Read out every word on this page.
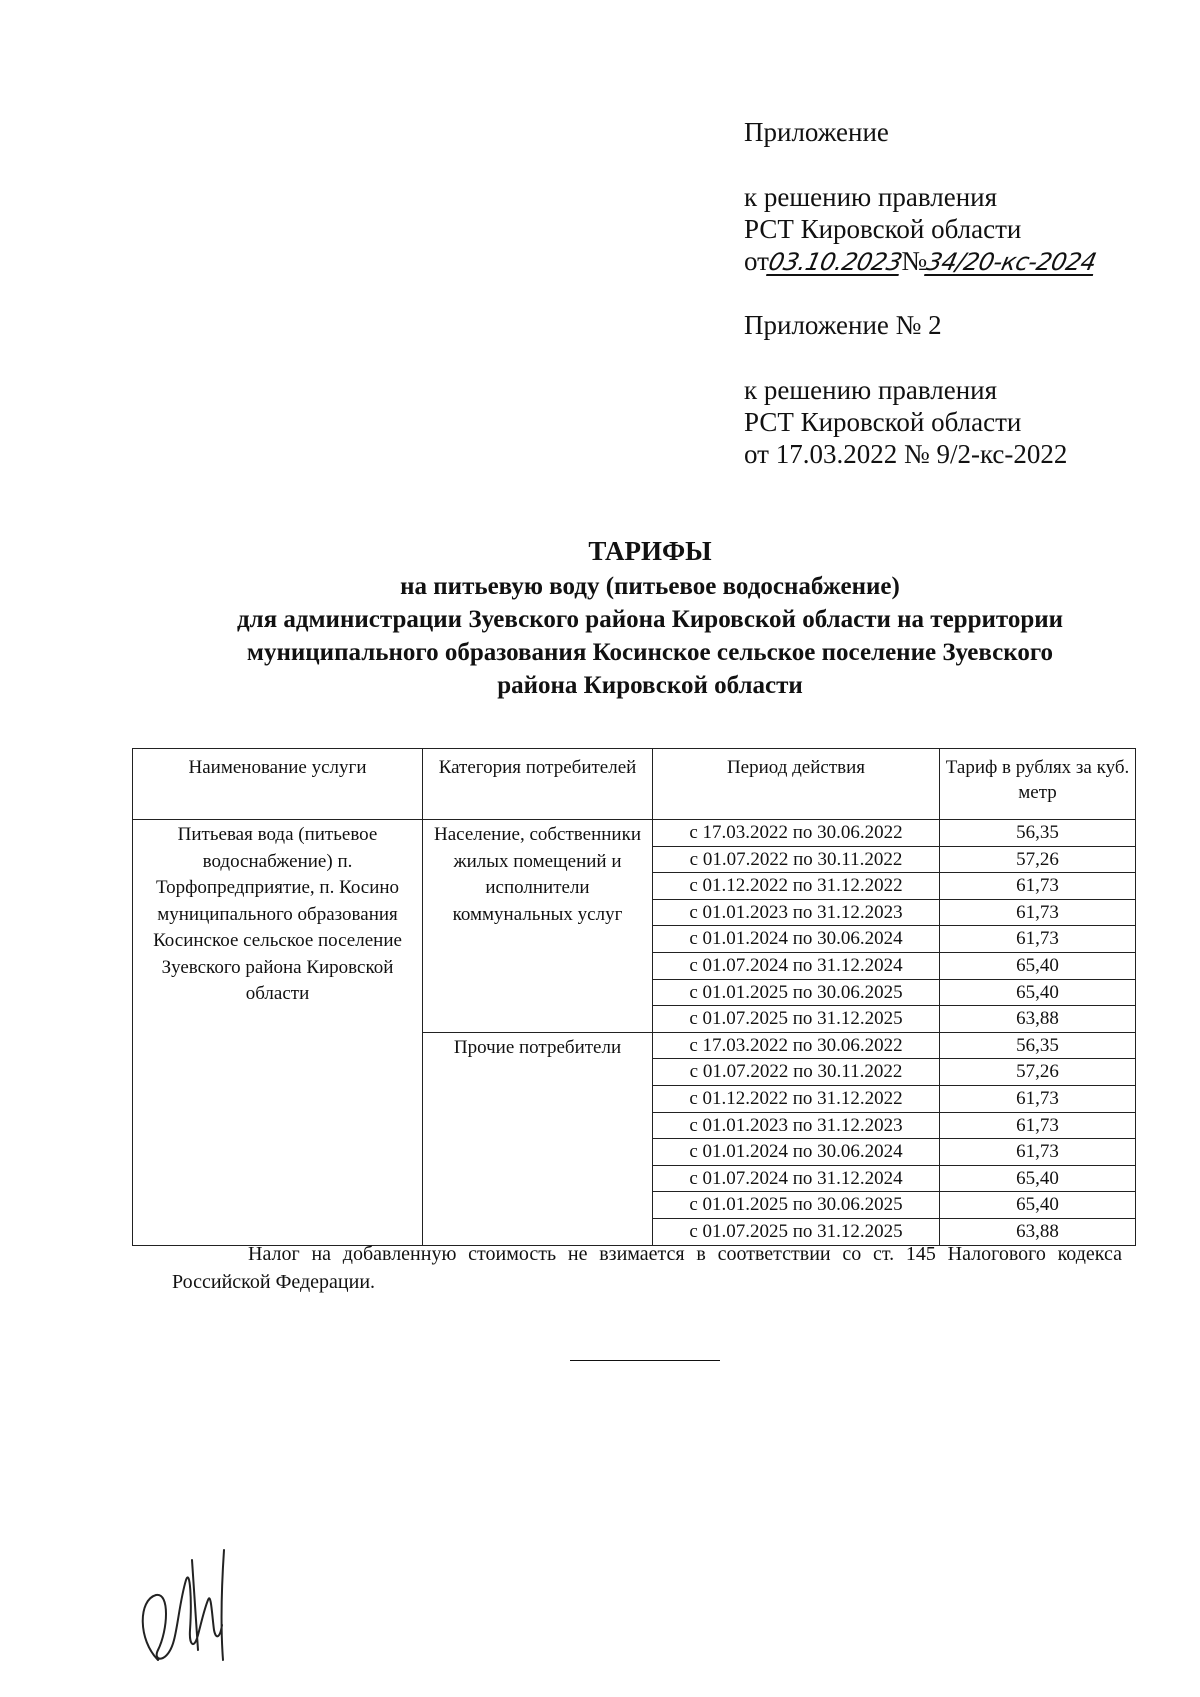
Приложение
к решению правления
РСТ Кировской области
от03.10.2023№34/20-кс-2024
Приложение № 2
к решению правления
РСТ Кировской области
от 17.03.2022 № 9/2-кс-2022
ТАРИФЫ
на питьевую воду (питьевое водоснабжение)
для администрации Зуевского района Кировской области на территории
муниципального образования Косинское сельское поселение Зуевского
района Кировской области
Наименование услуги	Категория потребителей	Период действия	Тариф в рублях за куб. метр
Питьевая вода (питьевое водоснабжение) п. Торфопредприятие, п. Косино муниципального образования Косинское сельское поселение Зуевского района Кировской области	Население, собственники жилых помещений и исполнители коммунальных услуг	с 17.03.2022 по 30.06.2022	56,35
		с 01.07.2022 по 30.11.2022	57,26
		с 01.12.2022 по 31.12.2022	61,73
		с 01.01.2023 по 31.12.2023	61,73
		с 01.01.2024 по 30.06.2024	61,73
		с 01.07.2024 по 31.12.2024	65,40
		с 01.01.2025 по 30.06.2025	65,40
		с 01.07.2025 по 31.12.2025	63,88
	Прочие потребители	с 17.03.2022 по 30.06.2022	56,35
		с 01.07.2022 по 30.11.2022	57,26
		с 01.12.2022 по 31.12.2022	61,73
		с 01.01.2023 по 31.12.2023	61,73
		с 01.01.2024 по 30.06.2024	61,73
		с 01.07.2024 по 31.12.2024	65,40
		с 01.01.2025 по 30.06.2025	65,40
		с 01.07.2025 по 31.12.2025	63,88
Налог на добавленную стоимость не взимается в соответствии со ст. 145 Налогового кодекса Российской Федерации.
